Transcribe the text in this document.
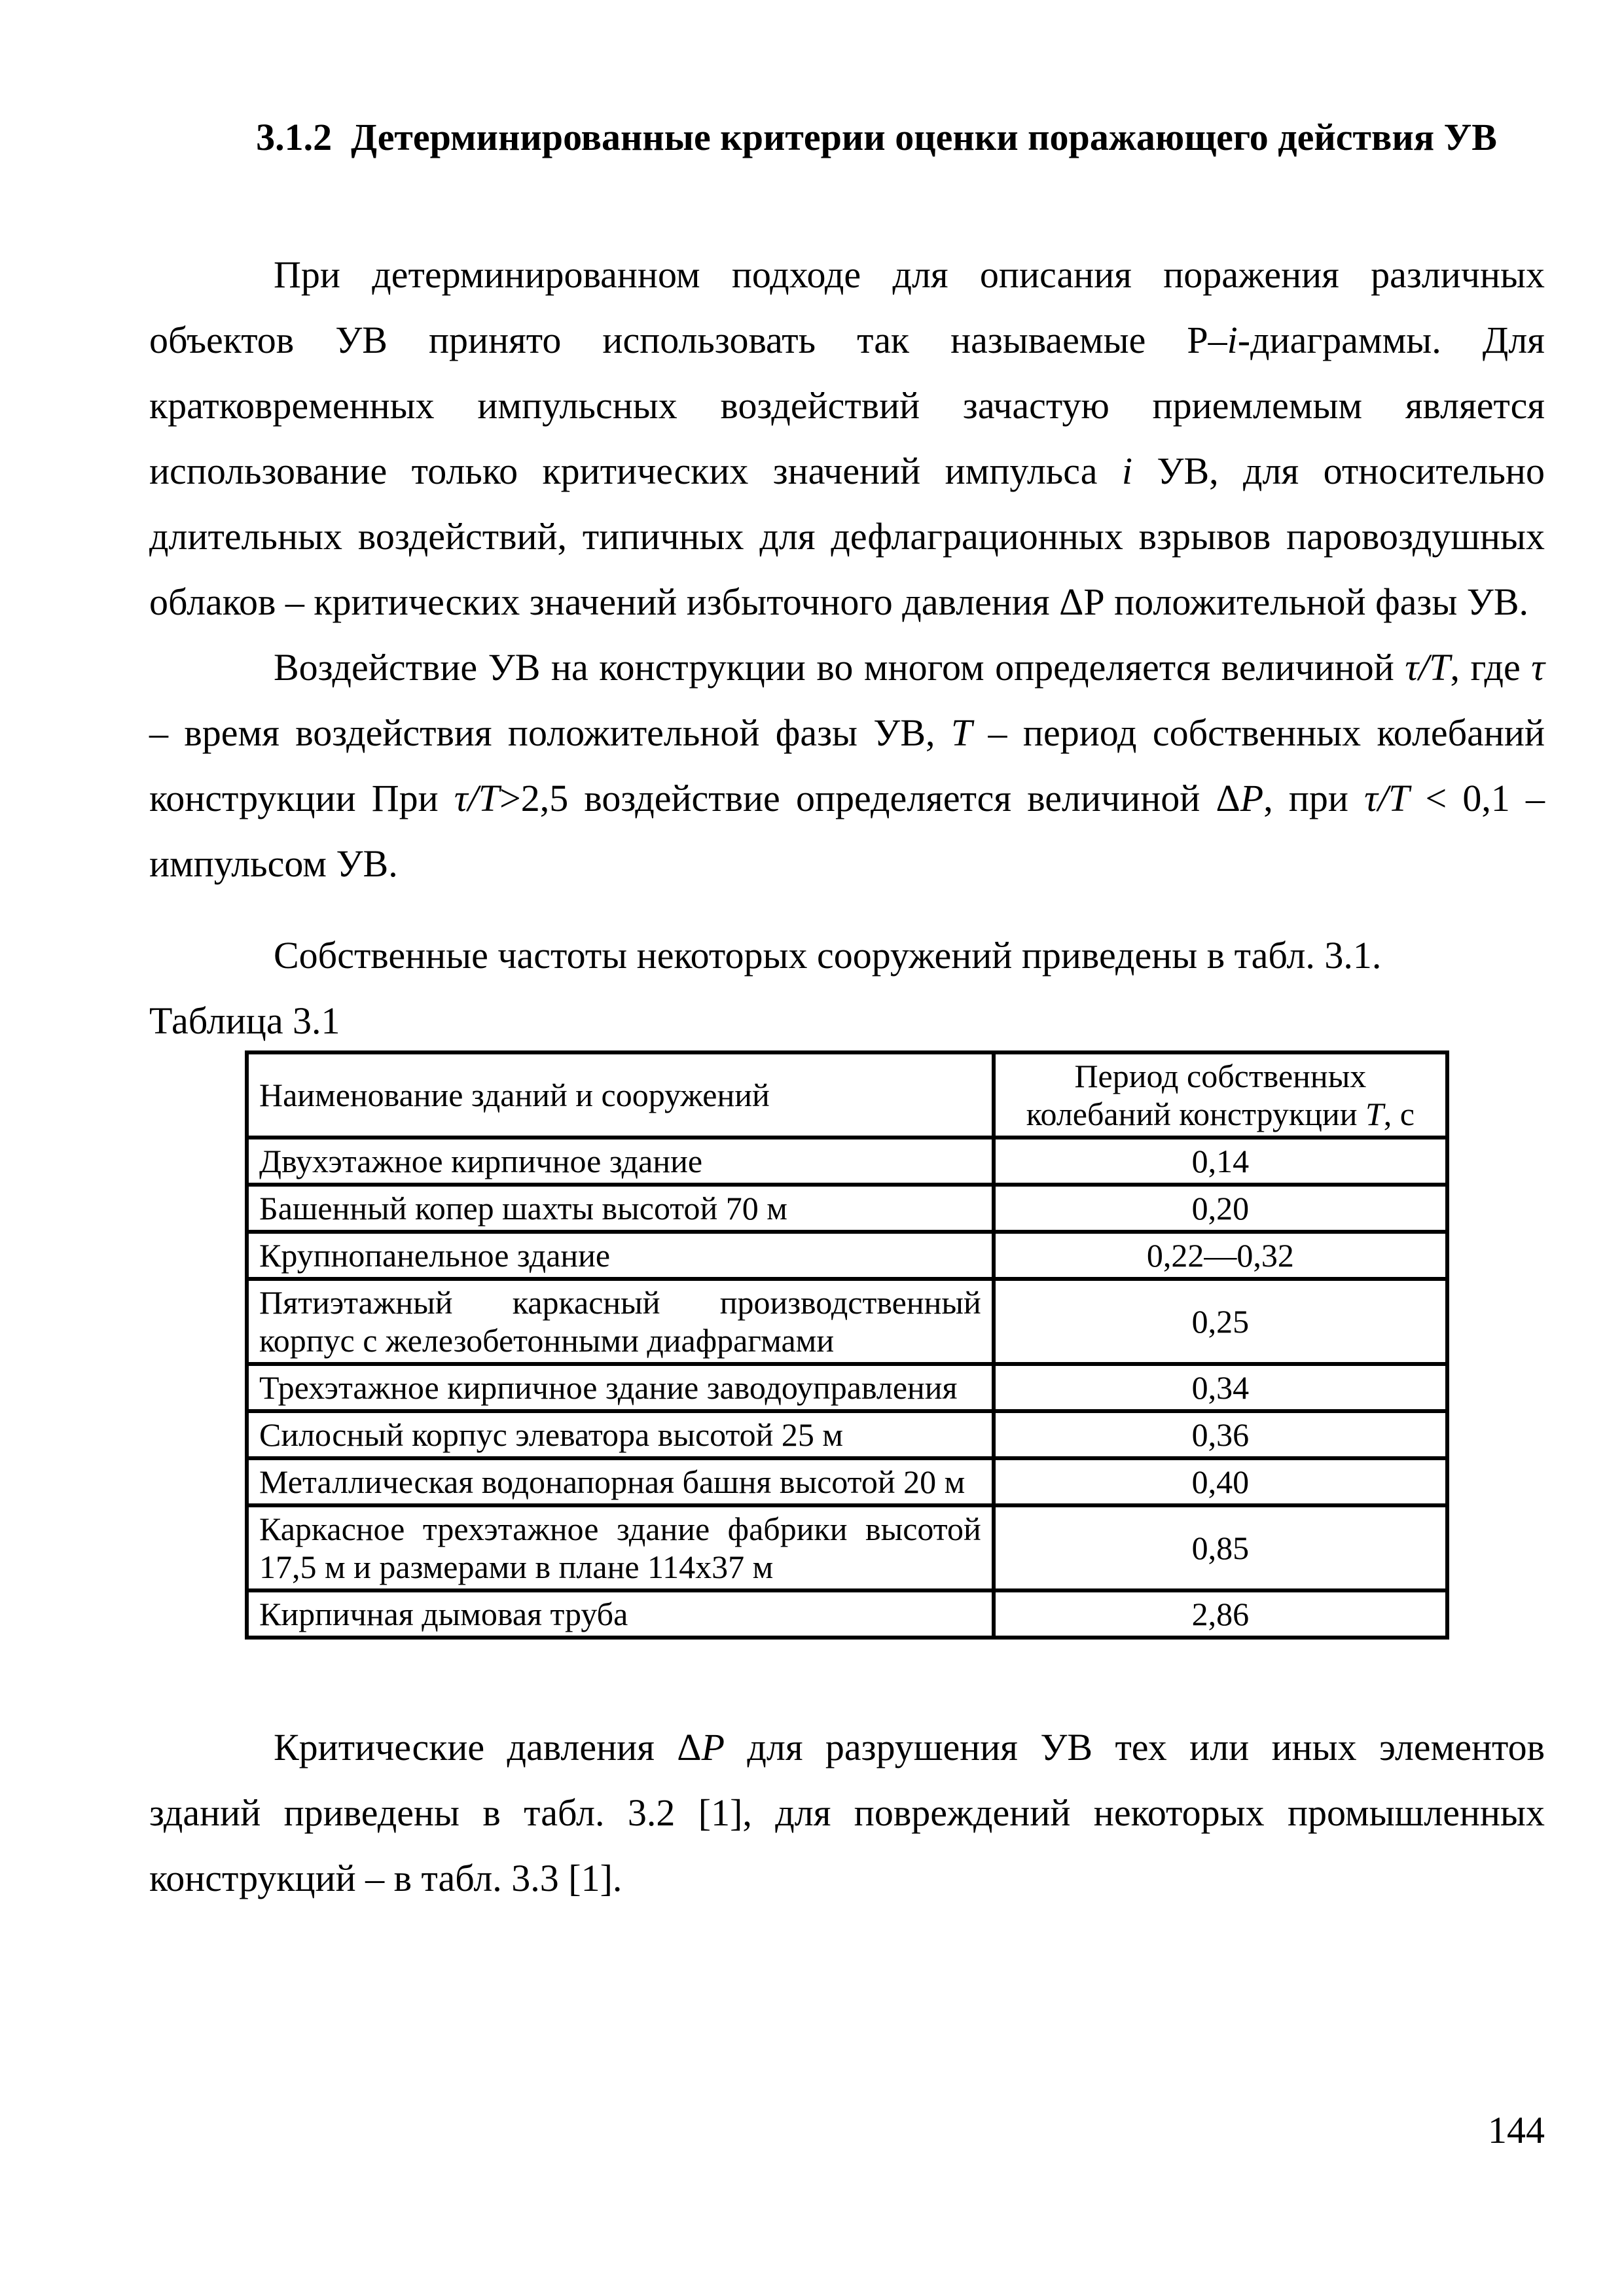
3.1.2  Детерминированные критерии оценки поражающего действия УВ

При детерминированном подходе для описания поражения различных объектов УВ принято использовать так называемые Р–i-диаграммы. Для кратковременных импульсных воздействий зачастую приемлемым является использование только критических значений импульса i УВ, для относительно длительных воздействий, типичных для дефлаграционных взрывов паровоздушных облаков – критических значений избыточного давления ΔР положительной фазы УВ.

Воздействие УВ на конструкции во многом определяется величиной τ/T, где τ – время воздействия положительной фазы УВ, T – период собственных колебаний конструкции При τ/T>2,5 воздействие определяется величиной ΔP, при τ/T < 0,1 – импульсом УВ.

Собственные частоты некоторых сооружений приведены в табл. 3.1.

Таблица 3.1

Наименование зданий и сооружений	Период собственных колебаний конструкции T, с
Двухэтажное кирпичное здание	0,14
Башенный копер шахты высотой 70 м	0,20
Крупнопанельное здание	0,22—0,32
Пятиэтажный каркасный производственный корпус с железобетонными диафрагмами	0,25
Трехэтажное кирпичное здание заводоуправления	0,34
Силосный корпус элеватора высотой 25 м	0,36
Металлическая водонапорная башня высотой 20 м	0,40
Каркасное трехэтажное здание фабрики высотой 17,5 м и размерами в плане 114х37 м	0,85
Кирпичная дымовая труба	2,86

Критические давления ΔP для разрушения УВ тех или иных элементов зданий приведены в табл. 3.2 [1], для повреждений некоторых промышленных конструкций – в табл. 3.3 [1].

144
